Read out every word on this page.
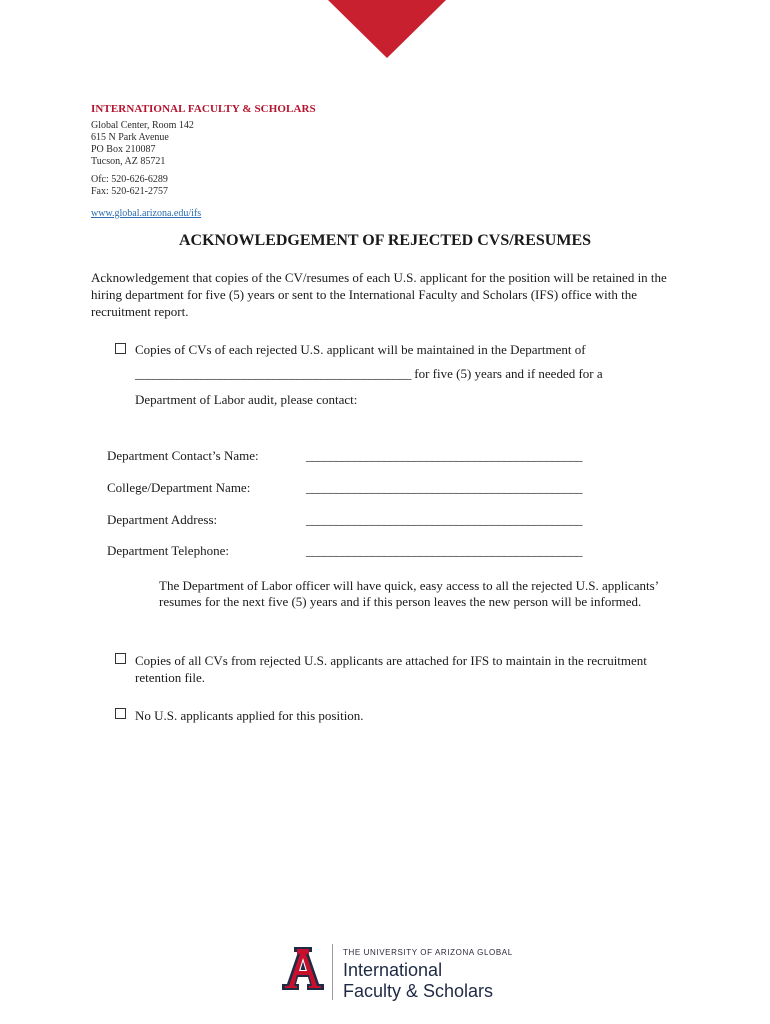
INTERNATIONAL FACULTY & SCHOLARS
Global Center, Room 142
615 N Park Avenue
PO Box 210087
Tucson, AZ 85721
Ofc: 520-626-6289
Fax: 520-621-2757
www.global.arizona.edu/ifs
ACKNOWLEDGEMENT OF REJECTED CVS/RESUMES
Acknowledgement that copies of the CV/resumes of each U.S. applicant for the position will be retained in the hiring department for five (5) years or sent to the International Faculty and Scholars (IFS) office with the recruitment report.
Copies of CVs of each rejected U.S. applicant will be maintained in the Department of
______________________________________________ for five (5) years and if needed for a
Department of Labor audit, please contact:
Department Contact’s Name:	______________________________________________
College/Department Name:	______________________________________________
Department Address:	______________________________________________
Department Telephone:	______________________________________________
The Department of Labor officer will have quick, easy access to all the rejected U.S. applicants’ resumes for the next five (5) years and if this person leaves the new person will be informed.
Copies of all CVs from rejected U.S. applicants are attached for IFS to maintain in the recruitment retention file.
No U.S. applicants applied for this position.
THE UNIVERSITY OF ARIZONA GLOBAL
International
Faculty & Scholars
